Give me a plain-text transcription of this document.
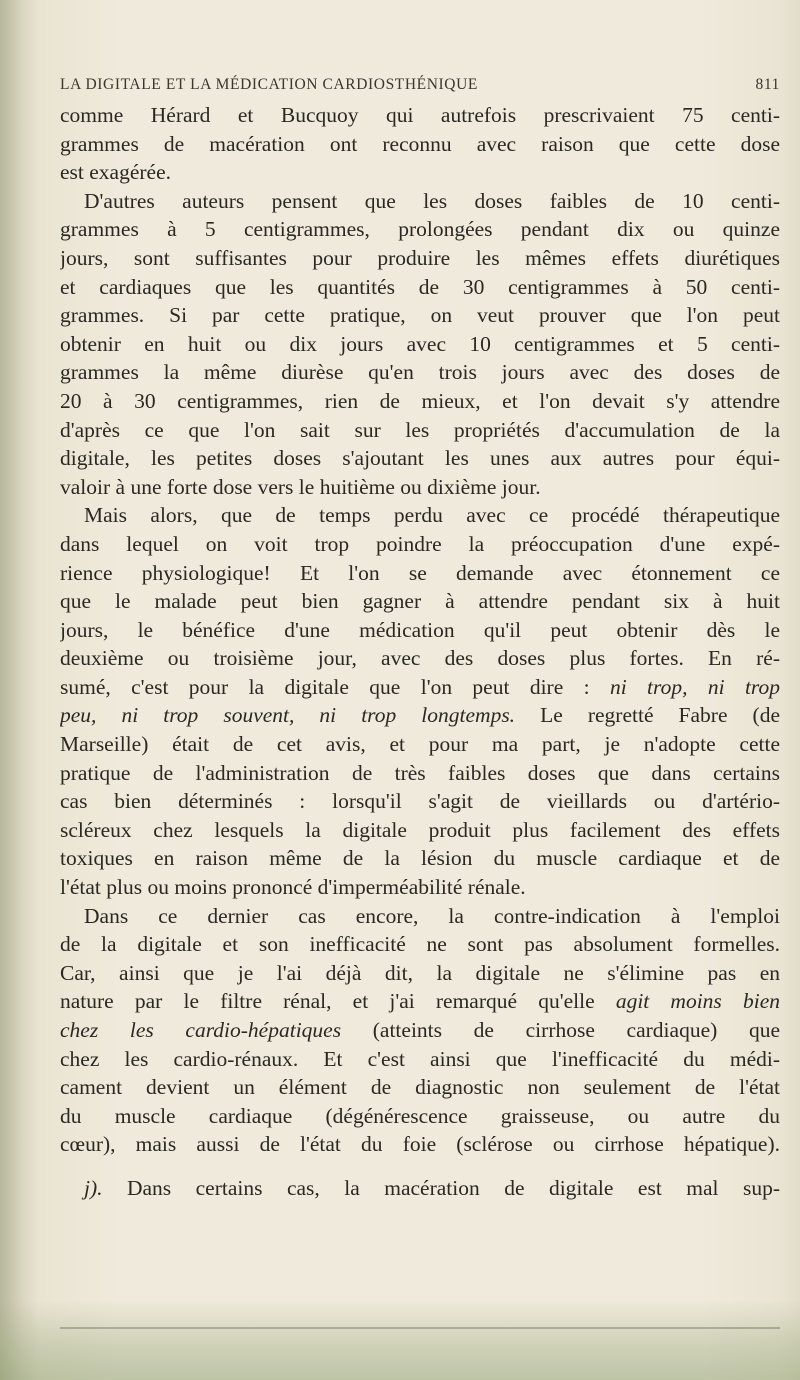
LA DIGITALE ET LA MÉDICATION CARDIOSTHÉNIQUE	811
comme Hérard et Bucquoy qui autrefois prescrivaient 75 centi-
grammes de macération ont reconnu avec raison que cette dose
est exagérée.
D'autres auteurs pensent que les doses faibles de 10 centi-
grammes à 5 centigrammes, prolongées pendant dix ou quinze
jours, sont suffisantes pour produire les mêmes effets diurétiques
et cardiaques que les quantités de 30 centigrammes à 50 centi-
grammes. Si par cette pratique, on veut prouver que l'on peut
obtenir en huit ou dix jours avec 10 centigrammes et 5 centi-
grammes la même diurèse qu'en trois jours avec des doses de
20 à 30 centigrammes, rien de mieux, et l'on devait s'y attendre
d'après ce que l'on sait sur les propriétés d'accumulation de la
digitale, les petites doses s'ajoutant les unes aux autres pour équi-
valoir à une forte dose vers le huitième ou dixième jour.
Mais alors, que de temps perdu avec ce procédé thérapeutique
dans lequel on voit trop poindre la préoccupation d'une expé-
rience physiologique! Et l'on se demande avec étonnement ce
que le malade peut bien gagner à attendre pendant six à huit
jours, le bénéfice d'une médication qu'il peut obtenir dès le
deuxième ou troisième jour, avec des doses plus fortes. En ré-
sumé, c'est pour la digitale que l'on peut dire : ni trop, ni trop
peu, ni trop souvent, ni trop longtemps. Le regretté Fabre (de
Marseille) était de cet avis, et pour ma part, je n'adopte cette
pratique de l'administration de très faibles doses que dans certains
cas bien déterminés : lorsqu'il s'agit de vieillards ou d'artério-
scléreux chez lesquels la digitale produit plus facilement des effets
toxiques en raison même de la lésion du muscle cardiaque et de
l'état plus ou moins prononcé d'imperméabilité rénale.
Dans ce dernier cas encore, la contre-indication à l'emploi
de la digitale et son inefficacité ne sont pas absolument formelles.
Car, ainsi que je l'ai déjà dit, la digitale ne s'élimine pas en
nature par le filtre rénal, et j'ai remarqué qu'elle agit moins bien
chez les cardio-hépatiques (atteints de cirrhose cardiaque) que
chez les cardio-rénaux. Et c'est ainsi que l'inefficacité du médi-
cament devient un élément de diagnostic non seulement de l'état
du muscle cardiaque (dégénérescence graisseuse, ou autre du
cœur), mais aussi de l'état du foie (sclérose ou cirrhose hépatique).
j). Dans certains cas, la macération de digitale est mal sup-
